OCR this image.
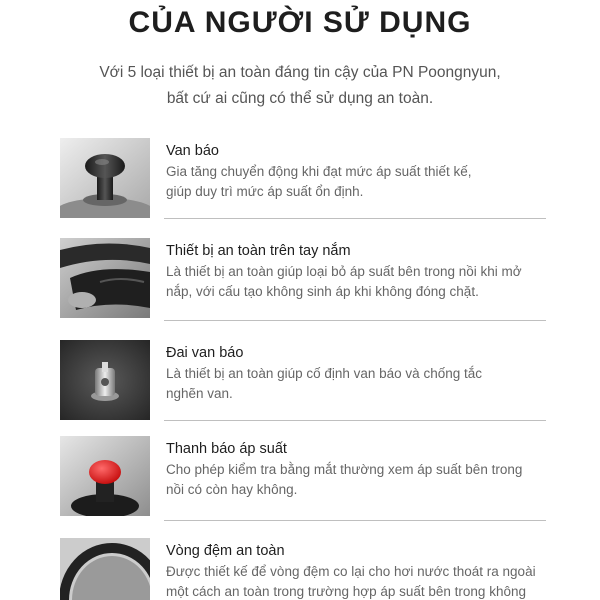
CỦA NGƯỜI SỬ DỤNG
Với 5 loại thiết bị an toàn đáng tin cậy của PN Poongnyun,
bất cứ ai cũng có thể sử dụng an toàn.
Van báo
Gia tăng chuyển động khi đạt mức áp suất thiết kế,
giúp duy trì mức áp suất ổn định.
Thiết bị an toàn trên tay nắm
Là thiết bị an toàn giúp loại bỏ áp suất bên trong nồi khi mở
nắp, với cấu tạo không sinh áp khi không đóng chặt.
Đai van báo
Là thiết bị an toàn giúp cố định van báo và chống tắc
nghẽn van.
Thanh báo áp suất
Cho phép kiểm tra bằng mắt thường xem áp suất bên trong
nồi có còn hay không.
Vòng đệm an toàn
Được thiết kế để vòng đệm co lại cho hơi nước thoát ra ngoài
một cách an toàn trong trường hợp áp suất bên trong không
